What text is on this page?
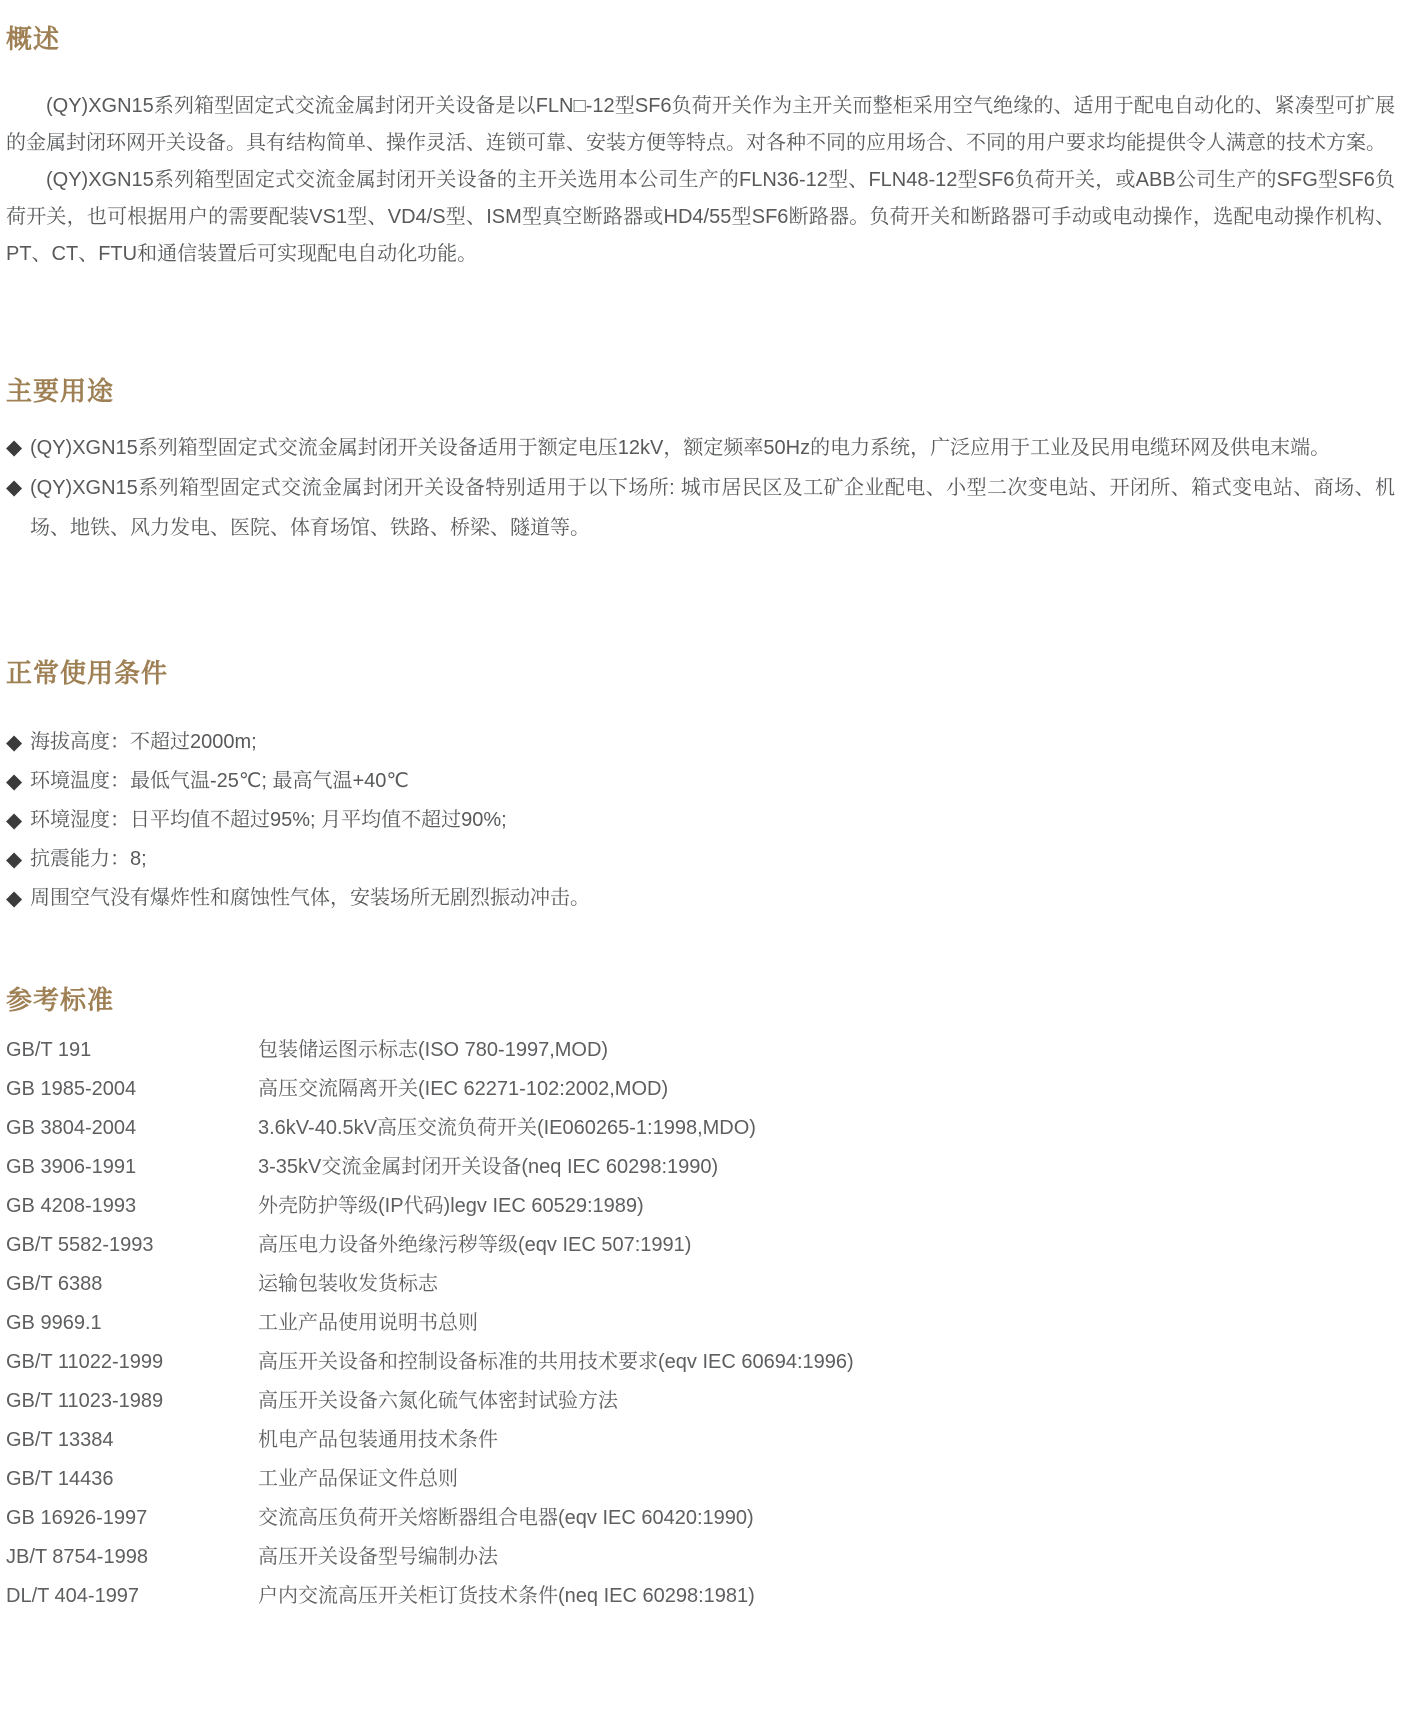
概述

(QY)XGN15系列箱型固定式交流金属封闭开关设备是以FLN□-12型SF6负荷开关作为主开关而整柜采用空气绝缘的、适用于配电自动化的、紧凑型可扩展的金属封闭环网开关设备。具有结构简单、操作灵活、连锁可靠、安装方便等特点。对各种不同的应用场合、不同的用户要求均能提供令人满意的技术方案。

(QY)XGN15系列箱型固定式交流金属封闭开关设备的主开关选用本公司生产的FLN36-12型、FLN48-12型SF6负荷开关，或ABB公司生产的SFG型SF6负荷开关，也可根据用户的需要配装VS1型、VD4/S型、ISM型真空断路器或HD4/55型SF6断路器。负荷开关和断路器可手动或电动操作，选配电动操作机构、PT、CT、FTU和通信装置后可实现配电自动化功能。

主要用途
◆ (QY)XGN15系列箱型固定式交流金属封闭开关设备适用于额定电压12kV，额定频率50Hz的电力系统，广泛应用于工业及民用电缆环网及供电末端。
◆ (QY)XGN15系列箱型固定式交流金属封闭开关设备特别适用于以下场所: 城市居民区及工矿企业配电、小型二次变电站、开闭所、箱式变电站、商场、机场、地铁、风力发电、医院、体育场馆、铁路、桥梁、隧道等。
正常使用条件
◆ 海拔高度：不超过2000m;
◆ 环境温度：最低气温-25℃; 最高气温+40℃
◆ 环境湿度：日平均值不超过95%; 月平均值不超过90%;
◆ 抗震能力：8;
◆ 周围空气没有爆炸性和腐蚀性气体，安装场所无剧烈振动冲击。
参考标准
GB/T 191	包装储运图示标志(ISO 780-1997,MOD)
GB 1985-2004	高压交流隔离开关(IEC 62271-102:2002,MOD)
GB 3804-2004	3.6kV-40.5kV高压交流负荷开关(IE060265-1:1998,MDO)
GB 3906-1991	3-35kV交流金属封闭开关设备(neq IEC 60298:1990)
GB 4208-1993	外壳防护等级(IP代码)legv IEC 60529:1989)
GB/T 5582-1993	高压电力设备外绝缘污秽等级(eqv IEC 507:1991)
GB/T 6388	运输包装收发货标志
GB 9969.1	工业产品使用说明书总则
GB/T 11022-1999	高压开关设备和控制设备标准的共用技术要求(eqv IEC 60694:1996)
GB/T 11023-1989	高压开关设备六氮化硫气体密封试验方法
GB/T 13384	机电产品包装通用技术条件
GB/T 14436	工业产品保证文件总则
GB 16926-1997	交流高压负荷开关熔断器组合电器(eqv IEC 60420:1990)
JB/T 8754-1998	高压开关设备型号编制办法
DL/T 404-1997	户内交流高压开关柜订货技术条件(neq IEC 60298:1981)
